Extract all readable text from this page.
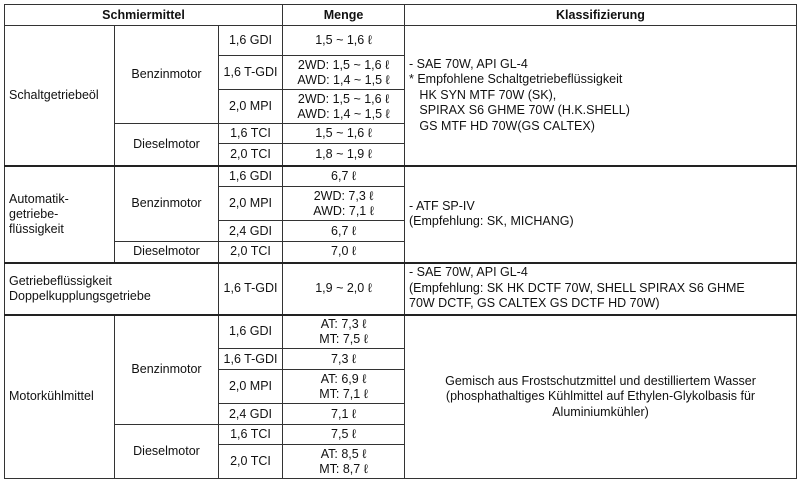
Schmiermittel			Menge	Klassifizierung
Schaltgetriebeöl	Benzinmotor	1,6 GDI	1,5 ~ 1,6 ℓ	- SAE 70W, API GL-4
* Empfohlene Schaltgetriebeflüssigkeit
HK SYN MTF 70W (SK),
SPIRAX S6 GHME 70W (H.K.SHELL)
GS MTF HD 70W(GS CALTEX)
		1,6 T-GDI	2WD: 1,5 ~ 1,6 ℓ
AWD: 1,4 ~ 1,5 ℓ	

		2,0 MPI	2WD: 1,5 ~ 1,6 ℓ
AWD: 1,4 ~ 1,5 ℓ	

	Dieselmotor	1,6 TCI	1,5 ~ 1,6 ℓ	

		2,0 TCI	1,8 ~ 1,9 ℓ	

Automatik-
getriebe-
flüssigkeit	Benzinmotor	1,6 GDI	6,7 ℓ	- ATF SP-IV
(Empfehlung: SK, MICHANG)
		2,0 MPI	2WD: 7,3 ℓ
AWD: 7,1 ℓ	

		2,4 GDI	6,7 ℓ	

	Dieselmotor	2,0 TCI	7,0 ℓ	

Getriebeflüssigkeit
Doppelkupplungsgetriebe		1,6 T-GDI	1,9 ~ 2,0 ℓ	- SAE 70W, API GL-4
(Empfehlung: SK HK DCTF 70W, SHELL SPIRAX S6 GHME
70W DCTF, GS CALTEX GS DCTF HD 70W)
Motorkühlmittel	Benzinmotor	1,6 GDI	AT: 7,3 ℓ
MT: 7,5 ℓ	Gemisch aus Frostschutzmittel und destilliertem Wasser
(phosphathaltiges Kühlmittel auf Ethylen-Glykolbasis für
Aluminiumkühler)
		1,6 T-GDI	7,3 ℓ	

		2,0 MPI	AT: 6,9 ℓ
MT: 7,1 ℓ	

		2,4 GDI	7,1 ℓ	

	Dieselmotor	1,6 TCI	7,5 ℓ	

		2,0 TCI	AT: 8,5 ℓ
MT: 8,7 ℓ	
